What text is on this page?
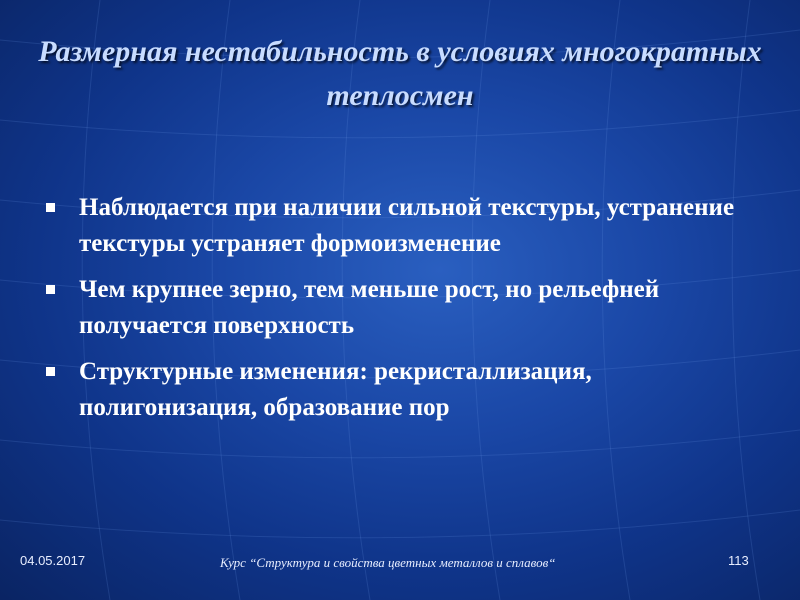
Размерная нестабильность в условиях многократных теплосмен
Наблюдается при наличии сильной текстуры, устранение текстуры устраняет формоизменение
Чем крупнее зерно, тем меньше рост, но рельефней получается поверхность
Структурные изменения: рекристаллизация, полигонизация, образование пор
04.05.2017	Курс “Структура и свойства цветных металлов и сплавов“	113
